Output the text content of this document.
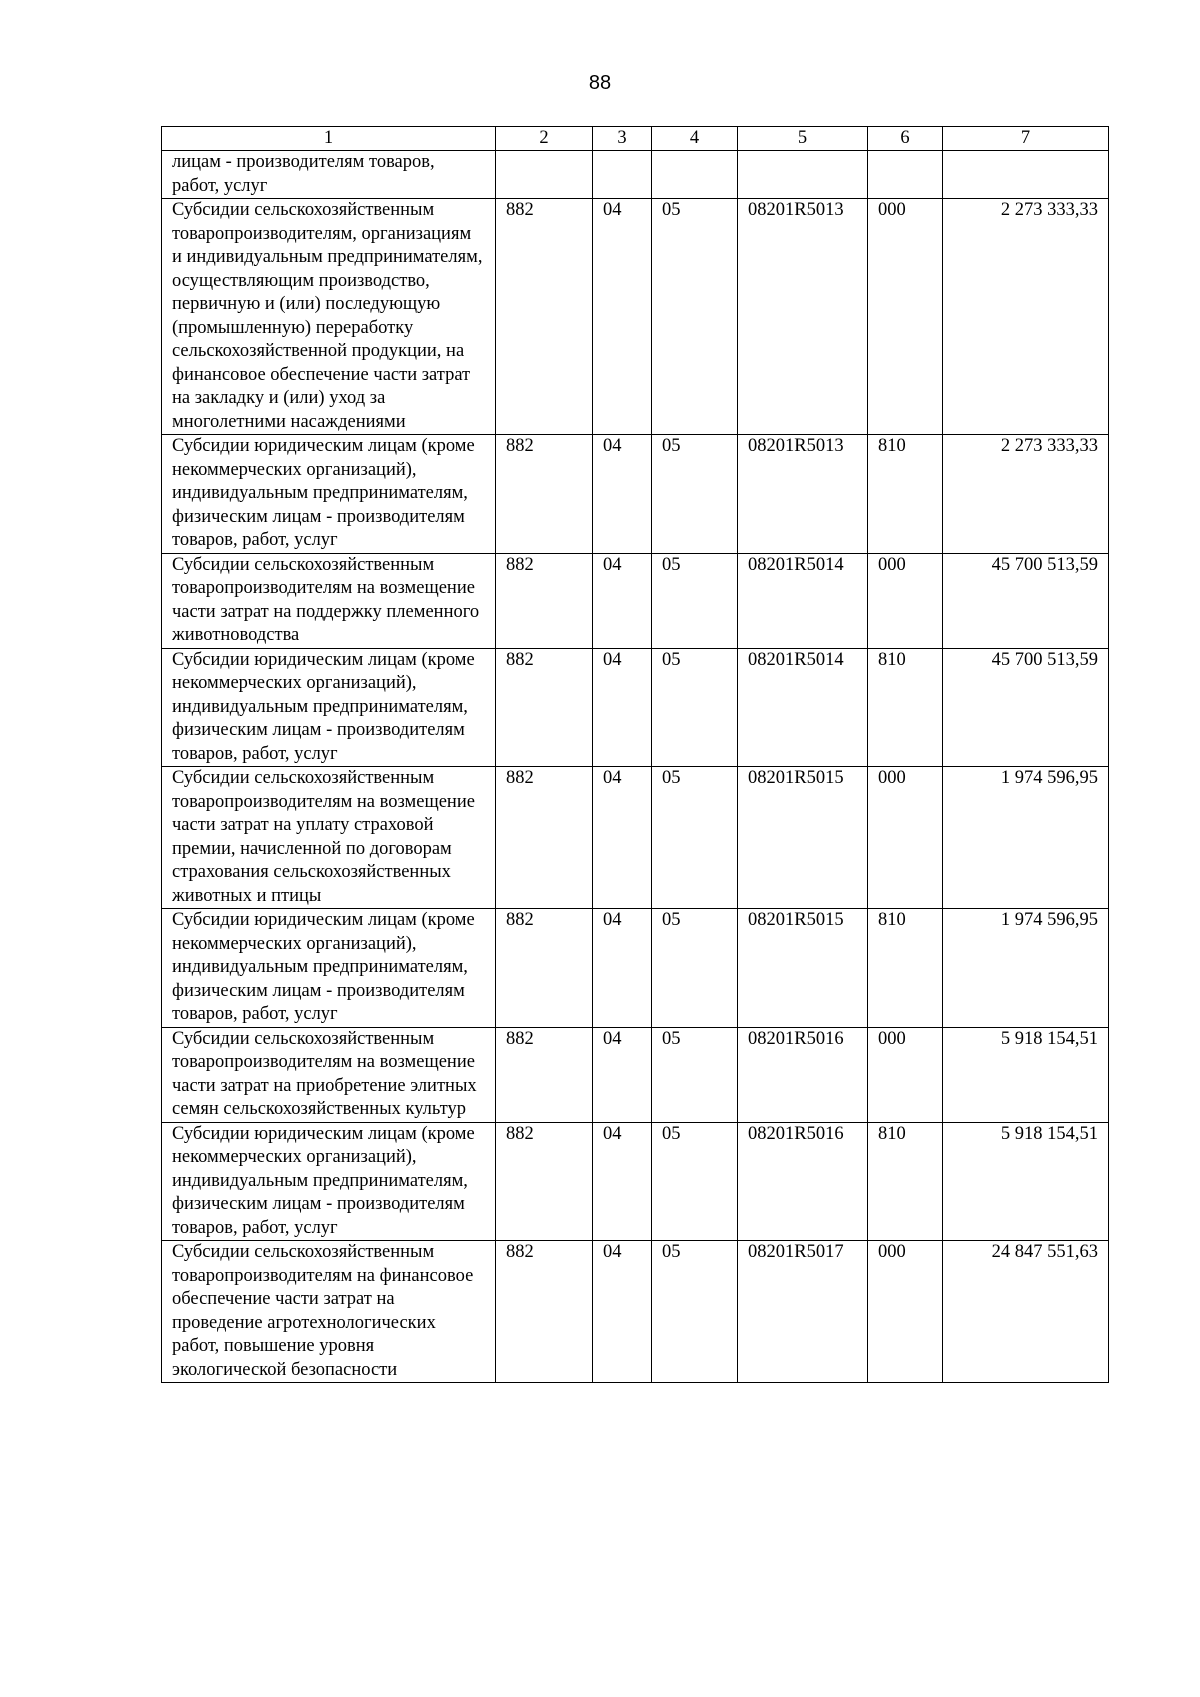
88
1	2	3	4	5	6	7
лицам - производителям товаров, работ, услуг						
Субсидии сельскохозяйственным товаропроизводителям, организациям и индивидуальным предпринимателям, осуществляющим производство, первичную и (или) последующую (промышленную) переработку сельскохозяйственной продукции, на финансовое обеспечение части затрат на закладку и (или) уход за многолетними насаждениями	882	04	05	08201R5013	000	2 273 333,33
Субсидии юридическим лицам (кроме некоммерческих организаций), индивидуальным предпринимателям, физическим лицам - производителям товаров, работ, услуг	882	04	05	08201R5013	810	2 273 333,33
Субсидии сельскохозяйственным товаропроизводителям на возмещение части затрат на поддержку племенного животноводства	882	04	05	08201R5014	000	45 700 513,59
Субсидии юридическим лицам (кроме некоммерческих организаций), индивидуальным предпринимателям, физическим лицам - производителям товаров, работ, услуг	882	04	05	08201R5014	810	45 700 513,59
Субсидии сельскохозяйственным товаропроизводителям на возмещение части затрат на уплату страховой премии, начисленной по договорам страхования сельскохозяйственных животных и птицы	882	04	05	08201R5015	000	1 974 596,95
Субсидии юридическим лицам (кроме некоммерческих организаций), индивидуальным предпринимателям, физическим лицам - производителям товаров, работ, услуг	882	04	05	08201R5015	810	1 974 596,95
Субсидии сельскохозяйственным товаропроизводителям на возмещение части затрат на приобретение элитных семян сельскохозяйственных культур	882	04	05	08201R5016	000	5 918 154,51
Субсидии юридическим лицам (кроме некоммерческих организаций), индивидуальным предпринимателям, физическим лицам - производителям товаров, работ, услуг	882	04	05	08201R5016	810	5 918 154,51
Субсидии сельскохозяйственным товаропроизводителям на финансовое обеспечение части затрат на проведение агротехнологических работ, повышение уровня экологической безопасности	882	04	05	08201R5017	000	24 847 551,63
